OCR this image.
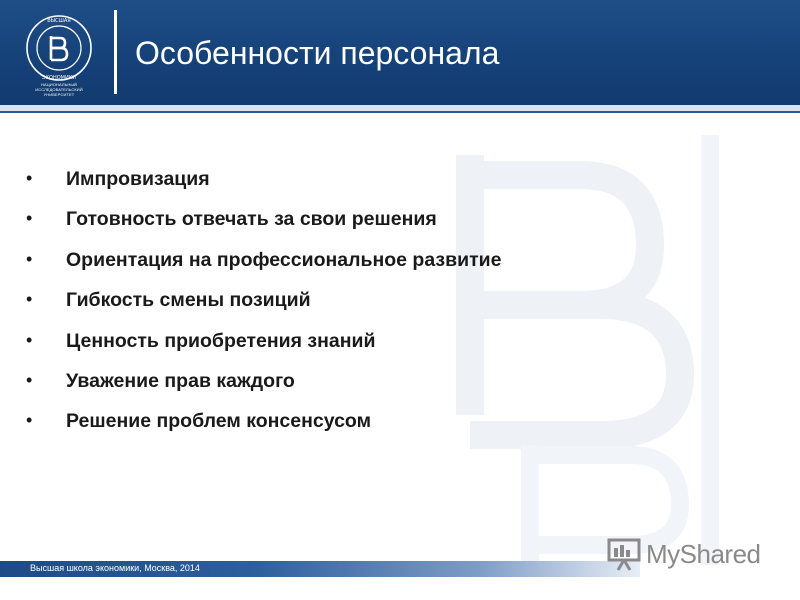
ВЫСШАЯ
ЭКОНОМИКИ
НАЦИОНАЛЬНЫЙ ИССЛЕДОВАТЕЛЬСКИЙ
УНИВЕРСИТЕТ
Особенности персонала
• Импровизация
• Готовность отвечать за свои решения
• Ориентация на профессиональное развитие
• Гибкость смены позиций
• Ценность приобретения знаний
• Уважение прав каждого
• Решение проблем консенсусом
Высшая школа экономики, Москва, 2014	MyShared
